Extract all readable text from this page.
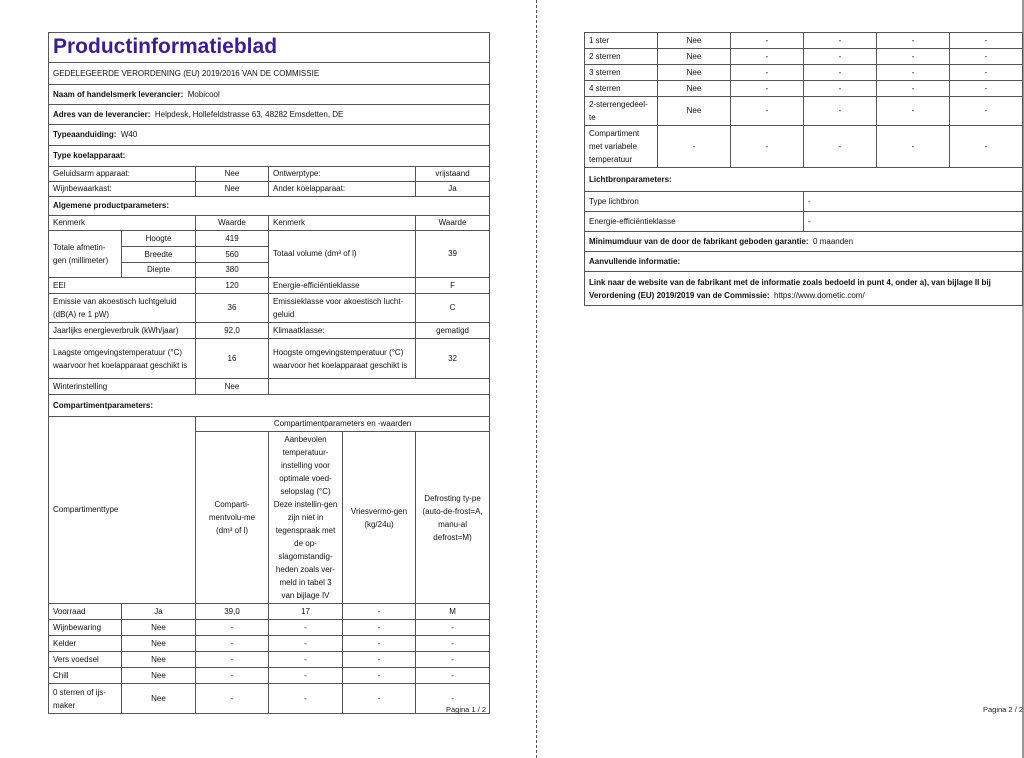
Productinformatieblad					
GEDELEGEERDE VERORDENING (EU) 2019/2016 VAN DE COMMISSIE					
Naam of handelsmerk leverancier: Mobicool					
Adres van de leverancier: Helpdesk, Hollefeldstrasse 63, 48282 Emsdetten, DE					
Typeaanduiding: W40					
Type koelapparaat:					
Geluidsarm apparaat:		Nee	Ontwerptype:		vrijstaand
Wijnbewaarkast:		Nee	Ander koelapparaat:		Ja
Algemene productparameters:					
Kenmerk		Waarde	Kenmerk		Waarde
Totale afmetin-gen (millimeter)	Hoogte	419	Totaal volume (dm³ of l)		39
	Breedte	560			
	Diepte	380			
EEI		120	Energie-efficiëntieklasse		F
Emissie van akoestisch luchtgeluid (dB(A) re 1 pW)		36	Emissieklasse voor akoestisch lucht-geluid		C
Jaarlijks energieverbruik (kWh/jaar)		92,0	Klimaatklasse:		gematigd
Laagste omgevingstemperatuur (°C) waarvoor het koelapparaat geschikt is		16	Hoogste omgevingstemperatuur (°C) waarvoor het koelapparaat geschikt is		32
Winterinstelling		Nee			
Compartimentparameters:					
Compartimenttype		Compartimentparameters en -waarden			
		Comparti-mentvolu-me (dm³ of l)	Aanbevolen temperatuur-instelling voor optimale voed-selopslag (°C) Deze instellin-gen zijn niet in tegenspraak met de op-slagomstandig-heden zoals ver-meld in tabel 3 van bijlage IV	Vriesvermo-gen (kg/24u)	Defrosting ty-pe (auto-de-frost=A, manu-al defrost=M)
Voorraad	Ja	39,0	17	-	M
Wijnbewaring	Nee	-	-	-	-
Kelder	Nee	-	-	-	-
Vers voedsel	Nee	-	-	-	-
Chill	Nee	-	-	-	-
0 sterren of ijs-maker	Nee	-	-	-	-
Pagina 1 / 2
1 ster	Nee	-	-	-	-
2 sterren	Nee	-	-	-	-
3 sterren	Nee	-	-	-	-
4 sterren	Nee	-	-	-	-
2-sterrengedeel-te	Nee	-	-	-	-
Compartiment met variabele temperatuur	-	-	-	-	-
Lichtbronparameters:					
Type lichtbron			-		
Energie-efficiëntieklasse			-		
Minimumduur van de door de fabrikant geboden garantie: 0 maanden					
Aanvullende informatie:					
Link naar de website van de fabrikant met de informatie zoals bedoeld in punt 4, onder a), van bijlage II bij Verordening (EU) 2019/2019 van de Commissie: https://www.dometic.com/					
Pagina 2 / 2
